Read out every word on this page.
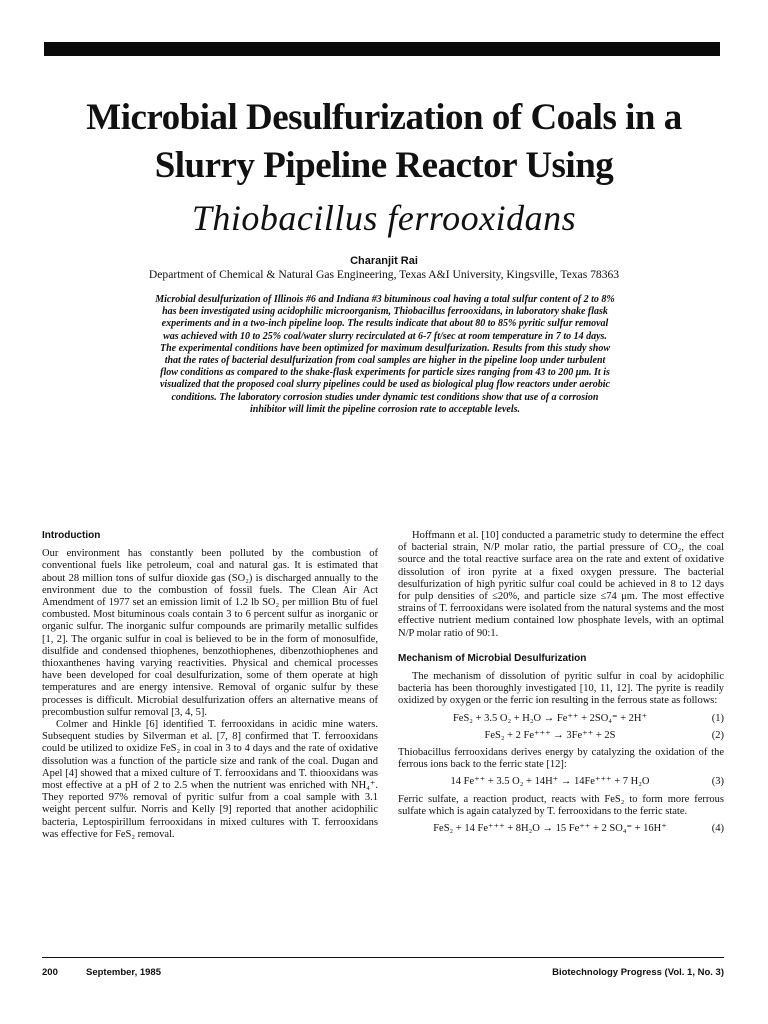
Microbial Desulfurization of Coals in a
Slurry Pipeline Reactor Using
Thiobacillus ferrooxidans
Charanjit Rai
Department of Chemical & Natural Gas Engineering, Texas A&I University, Kingsville, Texas 78363

Microbial desulfurization of Illinois #6 and Indiana #3 bituminous coal having a total sulfur content of 2 to 8% has been investigated using acidophilic microorganism, Thiobacillus ferrooxidans, in laboratory shake flask experiments and in a two-inch pipeline loop. The results indicate that about 80 to 85% pyritic sulfur removal was achieved with 10 to 25% coal/water slurry recirculated at 6-7 ft/sec at room temperature in 7 to 14 days. The experimental conditions have been optimized for maximum desulfurization. Results from this study show that the rates of bacterial desulfurization from coal samples are higher in the pipeline loop under turbulent flow conditions as compared to the shake-flask experiments for particle sizes ranging from 43 to 200 μm. It is visualized that the proposed coal slurry pipelines could be used as biological plug flow reactors under aerobic conditions. The laboratory corrosion studies under dynamic test conditions show that use of a corrosion inhibitor will limit the pipeline corrosion rate to acceptable levels.

Introduction

Our environment has constantly been polluted by the combustion of conventional fuels like petroleum, coal and natural gas. It is estimated that about 28 million tons of sulfur dioxide gas (SO₂) is discharged annually to the environment due to the combustion of fossil fuels. The Clean Air Act Amendment of 1977 set an emission limit of 1.2 lb SO₂ per million Btu of fuel combusted. Most bituminous coals contain 3 to 6 percent sulfur as inorganic or organic sulfur. The inorganic sulfur compounds are primarily metallic sulfides [1, 2]. The organic sulfur in coal is believed to be in the form of monosulfide, disulfide and condensed thiophenes, benzothiophenes, dibenzothiophenes and thioxanthenes having varying reactivities. Physical and chemical processes have been developed for coal desulfurization, some of them operate at high temperatures and are energy intensive. Removal of organic sulfur by these processes is difficult. Microbial desulfurization offers an alternative means of precombustion sulfur removal [3, 4, 5].

Colmer and Hinkle [6] identified T. ferrooxidans in acidic mine waters. Subsequent studies by Silverman et al. [7, 8] confirmed that T. ferrooxidans could be utilized to oxidize FeS₂ in coal in 3 to 4 days and the rate of oxidative dissolution was a function of the particle size and rank of the coal. Dugan and Apel [4] showed that a mixed culture of T. ferrooxidans and T. thiooxidans was most effective at a pH of 2 to 2.5 when the nutrient was enriched with NH₄⁺. They reported 97% removal of pyritic sulfur from a coal sample with 3.1 weight percent sulfur. Norris and Kelly [9] reported that another acidophilic bacteria, Leptospirillum ferrooxidans in mixed cultures with T. ferrooxidans was effective for FeS₂ removal.

Hoffmann et al. [10] conducted a parametric study to determine the effect of bacterial strain, N/P molar ratio, the partial pressure of CO₂, the coal source and the total reactive surface area on the rate and extent of oxidative dissolution of iron pyrite at a fixed oxygen pressure. The bacterial desulfurization of high pyritic sulfur coal could be achieved in 8 to 12 days for pulp densities of ≤20%, and particle size ≤74 μm. The most effective strains of T. ferrooxidans were isolated from the natural systems and the most effective nutrient medium contained low phosphate levels, with an optimal N/P molar ratio of 90:1.

Mechanism of Microbial Desulfurization

The mechanism of dissolution of pyritic sulfur in coal by acidophilic bacteria has been thoroughly investigated [10, 11, 12]. The pyrite is readily oxidized by oxygen or the ferric ion resulting in the ferrous state as follows:

FeS₂ + 3.5 O₂ + H₂O → Fe⁺⁺ + 2SO₄⁼ + 2H⁺	(1)
FeS₂ + 2 Fe⁺⁺⁺ → 3Fe⁺⁺ + 2S	(2)

Thiobacillus ferrooxidans derives energy by catalyzing the oxidation of the ferrous ions back to the ferric state [12]:

14 Fe⁺⁺ + 3.5 O₂ + 14H⁺ → 14Fe⁺⁺⁺ + 7 H₂O	(3)

Ferric sulfate, a reaction product, reacts with FeS₂ to form more ferrous sulfate which is again catalyzed by T. ferrooxidans to the ferric state.

FeS₂ + 14 Fe⁺⁺⁺ + 8H₂O → 15 Fe⁺⁺ + 2 SO₄⁼ + 16H⁺	(4)
200	September, 1985	Biotechnology Progress (Vol. 1, No. 3)
